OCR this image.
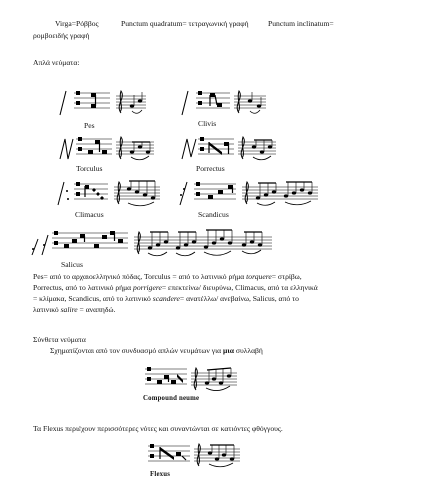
Virga=Ρόββος	Punctum quadratum= τετραγωνική γραφή	Punctum inclinatum=
ρομβοειδής γραφή
Απλά νεύματα:
Pes	Clivis
Torculus	Porrectus
Climacus	Scandicus
Salicus
Pes= από το αρχαιοελληνικό πόδας, Torculus = από το λατινικό ρήμα torquere= στρίβω,
Porrectus, από το λατινικό ρήμα porrigere= επεκτείνω/ διευρύνω, Climacus, από τα ελληνικά
= κλίμακα, Scandicus, από το λατινικό scandere= ανατέλλω/ ανεβαίνω, Salicus, από το
λατινικό salire = αναπηδώ.
Σύνθετα νεύματα
Σχηματίζονται από τον συνδυασμό απλών νευμάτων για μια συλλαβή
Compound neume
Τα Flexus περιέχουν περισσότερες νότες και συναντώνται σε κατιόντες φθόγγους.
Flexus
